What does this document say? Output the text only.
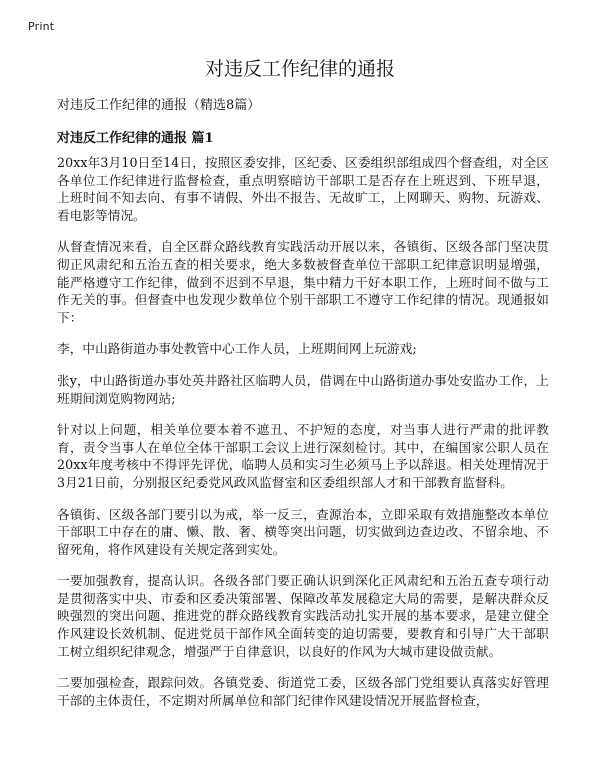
Print
对违反工作纪律的通报
对违反工作纪律的通报（精选8篇）
对违反工作纪律的通报 篇1

20xx年3月10日至14日，按照区委安排，区纪委、区委组织部组成四个督查组，对全区各单位工作纪律进行监督检查，重点明察暗访干部职工是否存在上班迟到、下班早退，上班时间不知去向、有事不请假、外出不报告、无故旷工，上网聊天、购物、玩游戏、看电影等情况。

从督查情况来看，自全区群众路线教育实践活动开展以来，各镇街、区级各部门坚决贯彻正风肃纪和五治五查的相关要求，绝大多数被督查单位干部职工纪律意识明显增强，能严格遵守工作纪律，做到不迟到不早退，集中精力干好本职工作，上班时间不做与工作无关的事。但督查中也发现少数单位个别干部职工不遵守工作纪律的情况。现通报如下：

李，中山路街道办事处教管中心工作人员，上班期间网上玩游戏;

张y，中山路街道办事处英井路社区临聘人员，借调在中山路街道办事处安监办工作，上班期间浏览购物网站;

针对以上问题，相关单位要本着不遮丑、不护短的态度，对当事人进行严肃的批评教育，责令当事人在单位全体干部职工会议上进行深刻检讨。其中，在编国家公职人员在20xx年度考核中不得评先评优，临聘人员和实习生必须马上予以辞退。相关处理情况于3月21日前，分别报区纪委党风政风监督室和区委组织部人才和干部教育监督科。

各镇街、区级各部门要引以为戒，举一反三，查源治本，立即采取有效措施整改本单位干部职工中存在的庸、懒、散、奢、横等突出问题，切实做到边查边改、不留余地、不留死角，将作风建设有关规定落到实处。

一要加强教育，提高认识。各级各部门要正确认识到深化正风肃纪和五治五查专项行动是贯彻落实中央、市委和区委决策部署、保障改革发展稳定大局的需要，是解决群众反映强烈的突出问题、推进党的群众路线教育实践活动扎实开展的基本要求，是建立健全作风建设长效机制、促进党员干部作风全面转变的迫切需要，要教育和引导广大干部职工树立组织纪律观念，增强严于自律意识，以良好的作风为大城市建设做贡献。

二要加强检查，跟踪问效。各镇党委、街道党工委，区级各部门党组要认真落实好管理干部的主体责任，不定期对所属单位和部门纪律作风建设情况开展监督检查，
